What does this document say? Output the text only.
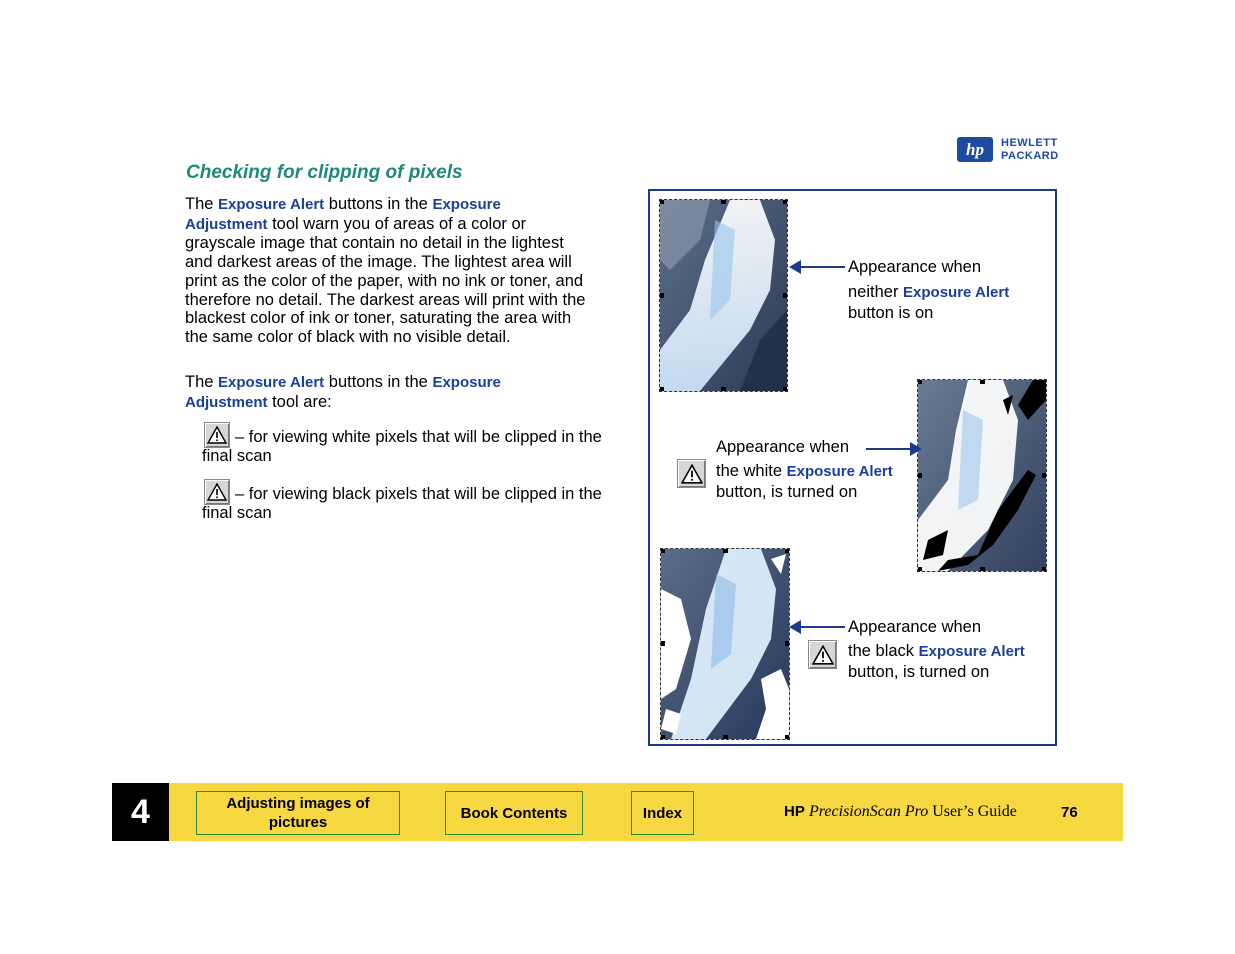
hp HEWLETT
PACKARD
Checking for clipping of pixels
The Exposure Alert buttons in the Exposure
Adjustment tool warn you of areas of a color or grayscale image that contain no detail in the lightest and darkest areas of the image. The lightest area will print as the color of the paper, with no ink or toner, and therefore no detail. The darkest areas will print with the blackest color of ink or toner, saturating the area with the same color of black with no visible detail.
The Exposure Alert buttons in the Exposure
Adjustment tool are:
– for viewing white pixels that will be clipped in the final scan
– for viewing black pixels that will be clipped in the final scan
Appearance when
neither Exposure Alert
button is on
Appearance when
the white Exposure Alert
button, is turned on
Appearance when
the black Exposure Alert
button, is turned on
4	Adjusting images of pictures
Book Contents	Index	HP PrecisionScan Pro User’s Guide	76
